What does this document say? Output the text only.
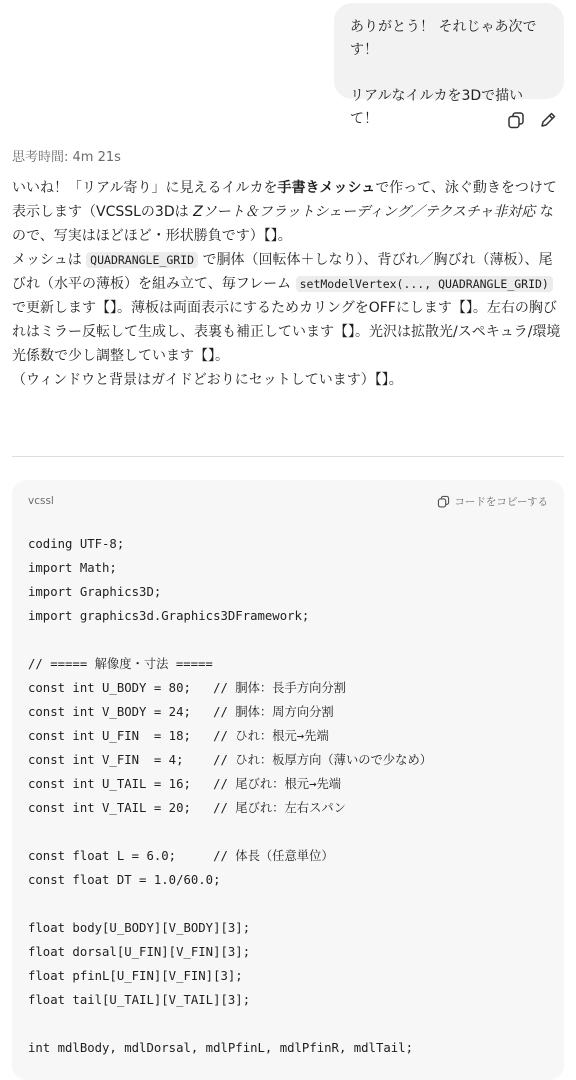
ありがとう！ それじゃあ次です！

リアルなイルカを3Dで描いて！

思考時間: 4m 21s

いいね！「リアル寄り」に見えるイルカを手書きメッシュで作って、泳ぐ動きをつけて表示します（VCSSLの3Dは Zソート＆フラットシェーディング／テクスチャ非対応 なので、写実はほどほど・形状勝負です）【】。

メッシュは QUADRANGLE_GRID で胴体（回転体＋しなり）、背びれ／胸びれ（薄板）、尾びれ（水平の薄板）を組み立て、毎フレーム setModelVertex(..., QUADRANGLE_GRID) で更新します【】。薄板は両面表示にするためカリングをOFFにします【】。左右の胸びれはミラー反転して生成し、表裏も補正しています【】。光沢は拡散光/スペキュラ/環境光係数で少し調整しています【】。

（ウィンドウと背景はガイドどおりにセットしています）【】。

vcssl	コードをコピーする
coding UTF-8;
import Math;
import Graphics3D;
import graphics3d.Graphics3DFramework;
// ===== 解像度・寸法 =====
const int U_BODY = 80;   // 胴体：長手方向分割
const int V_BODY = 24;   // 胴体：周方向分割
const int U_FIN  = 18;   // ひれ：根元→先端
const int V_FIN  = 4;    // ひれ：板厚方向（薄いので少なめ）
const int U_TAIL = 16;   // 尾びれ：根元→先端
const int V_TAIL = 20;   // 尾びれ：左右スパン
const float L = 6.0;     // 体長（任意単位）
const float DT = 1.0/60.0;
float body[U_BODY][V_BODY][3];
float dorsal[U_FIN][V_FIN][3];
float pfinL[U_FIN][V_FIN][3];
float tail[U_TAIL][V_TAIL][3];
int mdlBody, mdlDorsal, mdlPfinL, mdlPfinR, mdlTail;
